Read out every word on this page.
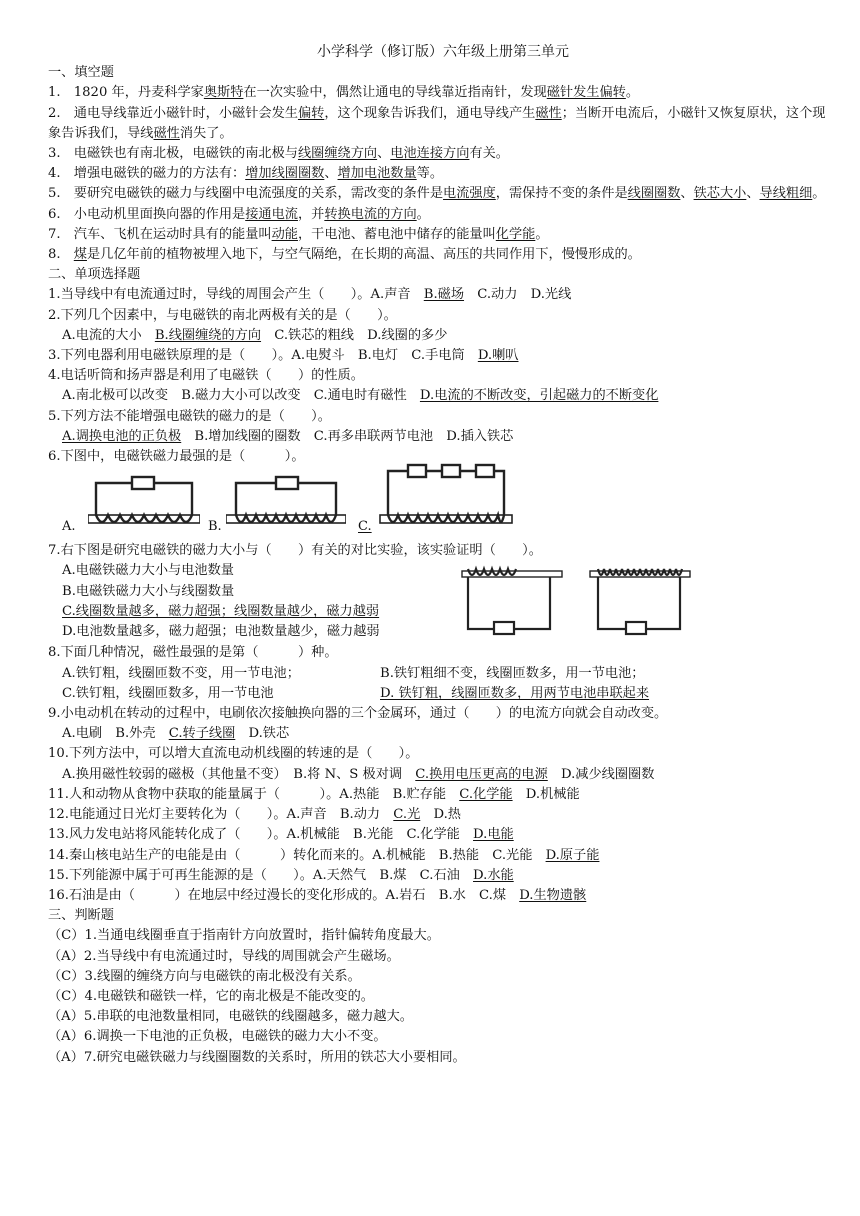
小学科学（修订版）六年级上册第三单元
一、填空题
1.　1820 年，丹麦科学家奥斯特在一次实验中，偶然让通电的导线靠近指南针，发现磁针发生偏转。
2.　通电导线靠近小磁针时，小磁针会发生偏转，这个现象告诉我们，通电导线产生磁性；当断开电流后，小磁针又恢复原状，这个现象告诉我们，导线磁性消失了。
3.　电磁铁也有南北极，电磁铁的南北极与线圈缠绕方向、电池连接方向有关。
4.　增强电磁铁的磁力的方法有：增加线圈圈数、增加电池数量等。
5.　要研究电磁铁的磁力与线圈中电流强度的关系，需改变的条件是电流强度，需保持不变的条件是线圈圈数、铁芯大小、导线粗细。
6.　小电动机里面换向器的作用是接通电流，并转换电流的方向。
7.　汽车、飞机在运动时具有的能量叫动能，干电池、蓄电池中储存的能量叫化学能。
8.　煤是几亿年前的植物被埋入地下，与空气隔绝，在长期的高温、高压的共同作用下，慢慢形成的。
二、单项选择题
1.当导线中有电流通过时，导线的周围会产生（　　）。A.声音　B.磁场　C.动力　D.光线
2.下列几个因素中，与电磁铁的南北两极有关的是（　　）。
A.电流的大小　B.线圈缠绕的方向　C.铁芯的粗线　D.线圈的多少
3.下列电器利用电磁铁原理的是（　　）。A.电熨斗　B.电灯　C.手电筒　D.喇叭
4.电话听筒和扬声器是利用了电磁铁（　　）的性质。
A.南北极可以改变　B.磁力大小可以改变　C.通电时有磁性　D.电流的不断改变，引起磁力的不断变化
5.下列方法不能增强电磁铁的磁力的是（　　）。
A.调换电池的正负极　B.增加线圈的圈数　C.再多串联两节电池　D.插入铁芯
6.下图中，电磁铁磁力最强的是（　　　）。
A.	B.	C.
7.右下图是研究电磁铁的磁力大小与（　　）有关的对比实验，该实验证明（　　）。
A.电磁铁磁力大小与电池数量
B.电磁铁磁力大小与线圈数量
C.线圈数量越多，磁力超强；线圈数量越少，磁力越弱
D.电池数量越多，磁力超强；电池数量越少，磁力越弱
8.下面几种情况，磁性最强的是第（　　　）种。
A.铁钉粗，线圈匝数不变，用一节电池；	B.铁钉粗细不变，线圈匝数多，用一节电池；
C.铁钉粗，线圈匝数多，用一节电池	D. 铁钉粗，线圈匝数多，用两节电池串联起来
9.小电动机在转动的过程中，电刷依次接触换向器的三个金属环，通过（　　）的电流方向就会自动改变。
A.电刷　B.外壳　C.转子线圈　D.铁芯
10.下列方法中，可以增大直流电动机线圈的转速的是（　　）。
A.换用磁性较弱的磁极（其他量不变）　B.将 N、S 极对调　C.换用电压更高的电源　D.减少线圈圈数
11.人和动物从食物中获取的能量属于（　　　）。A.热能　B.贮存能　C.化学能　D.机械能
12.电能通过日光灯主要转化为（　　）。A.声音　B.动力　C.光　D.热
13.风力发电站将风能转化成了（　　）。A.机械能　B.光能　C.化学能　D.电能
14.秦山核电站生产的电能是由（　　　）转化而来的。A.机械能　B.热能　C.光能　D.原子能
15.下列能源中属于可再生能源的是（　　）。A.天然气　B.煤　C.石油　D.水能
16.石油是由（　　　）在地层中经过漫长的变化形成的。A.岩石　B.水　C.煤　D.生物遗骸
三、判断题
（C）1.当通电线圈垂直于指南针方向放置时，指针偏转角度最大。
（A）2.当导线中有电流通过时，导线的周围就会产生磁场。
（C）3.线圈的缠绕方向与电磁铁的南北极没有关系。
（C）4.电磁铁和磁铁一样，它的南北极是不能改变的。
（A）5.串联的电池数量相同，电磁铁的线圈越多，磁力越大。
（A）6.调换一下电池的正负极，电磁铁的磁力大小不变。
（A）7.研究电磁铁磁力与线圈圈数的关系时，所用的铁芯大小要相同。
